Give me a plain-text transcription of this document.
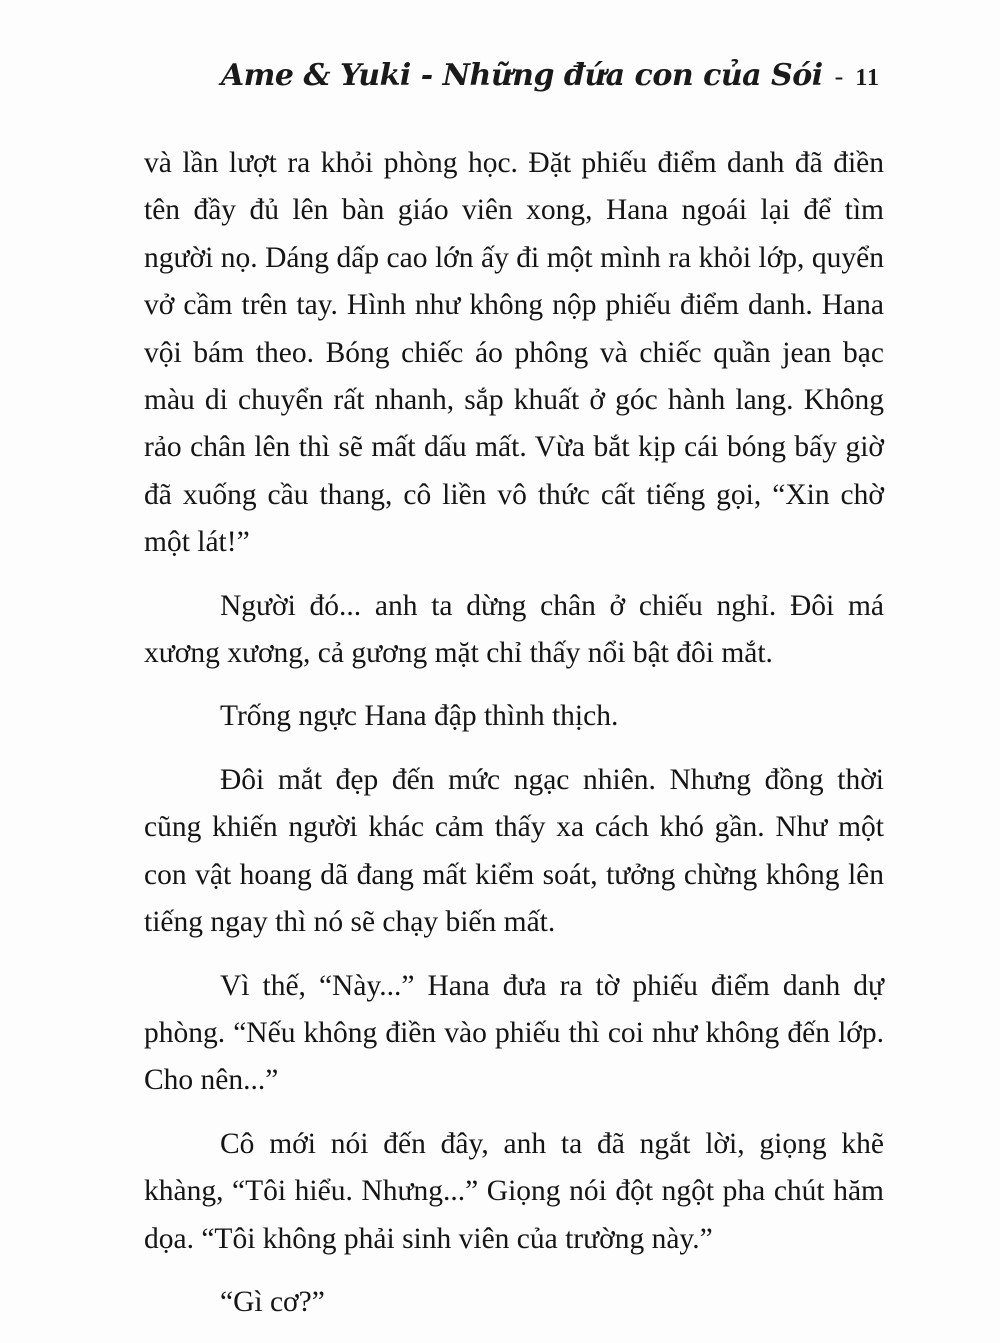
Ame & Yuki - Những đứa con của Sói - 11

và lần lượt ra khỏi phòng học. Đặt phiếu điểm danh đã điền tên đầy đủ lên bàn giáo viên xong, Hana ngoái lại để tìm người nọ. Dáng dấp cao lớn ấy đi một mình ra khỏi lớp, quyển vở cầm trên tay. Hình như không nộp phiếu điểm danh. Hana vội bám theo. Bóng chiếc áo phông và chiếc quần jean bạc màu di chuyển rất nhanh, sắp khuất ở góc hành lang. Không rảo chân lên thì sẽ mất dấu mất. Vừa bắt kịp cái bóng bấy giờ đã xuống cầu thang, cô liền vô thức cất tiếng gọi, “Xin chờ một lát!”

Người đó... anh ta dừng chân ở chiếu nghỉ. Đôi má xương xương, cả gương mặt chỉ thấy nổi bật đôi mắt.

Trống ngực Hana đập thình thịch.

Đôi mắt đẹp đến mức ngạc nhiên. Nhưng đồng thời cũng khiến người khác cảm thấy xa cách khó gần. Như một con vật hoang dã đang mất kiểm soát, tưởng chừng không lên tiếng ngay thì nó sẽ chạy biến mất.

Vì thế, “Này...” Hana đưa ra tờ phiếu điểm danh dự phòng. “Nếu không điền vào phiếu thì coi như không đến lớp. Cho nên...”

Cô mới nói đến đây, anh ta đã ngắt lời, giọng khẽ khàng, “Tôi hiểu. Nhưng...” Giọng nói đột ngột pha chút hăm dọa. “Tôi không phải sinh viên của trường này.”

“Gì cơ?”
